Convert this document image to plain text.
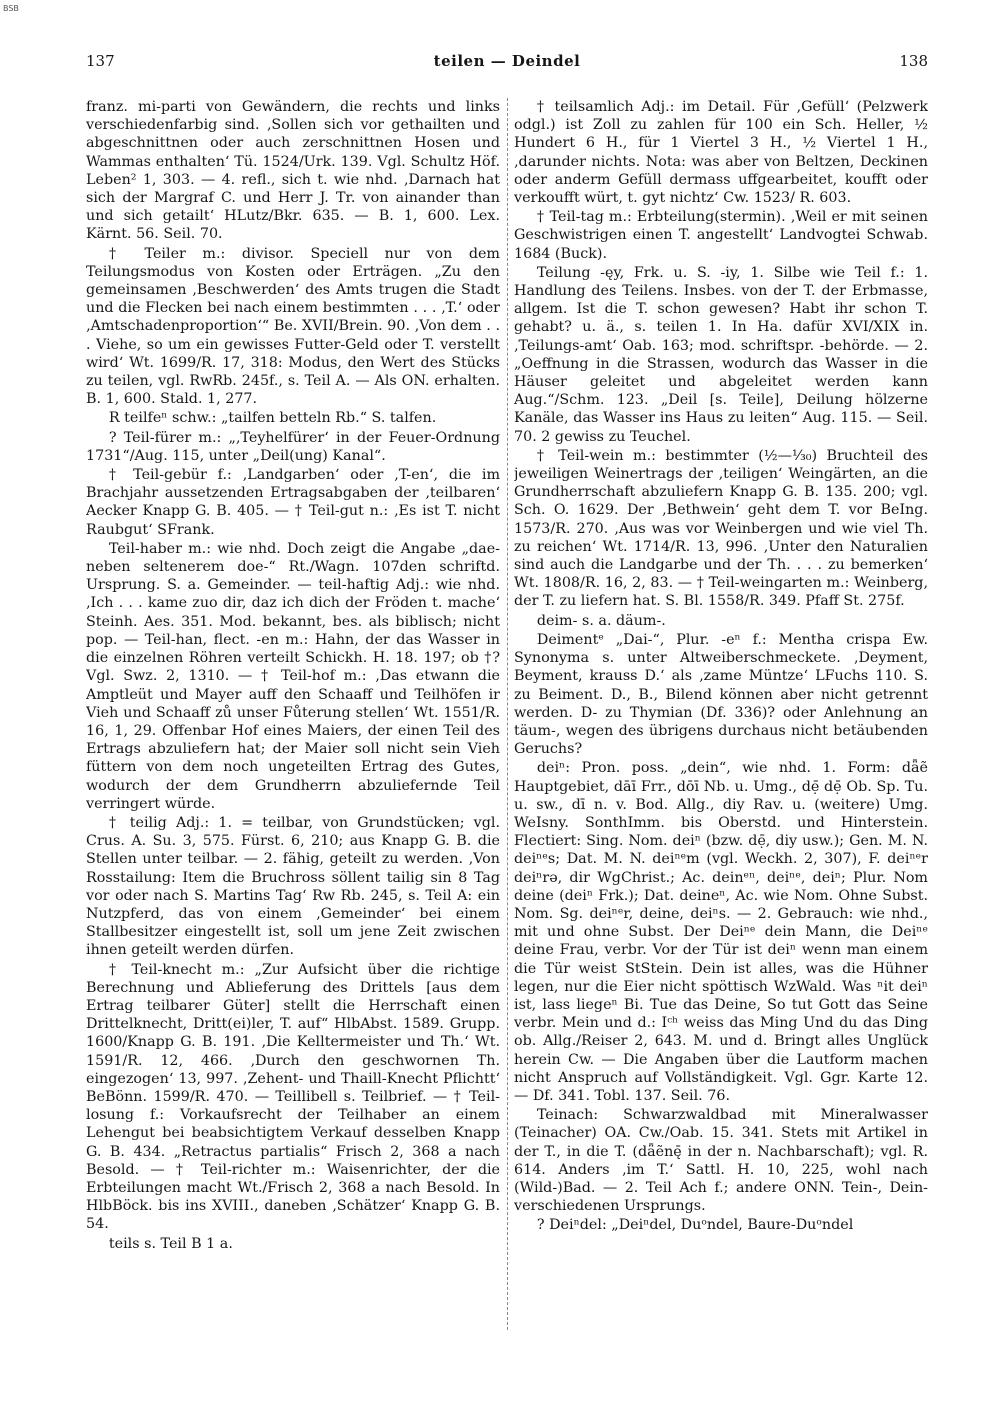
BSB
137	teilen — Deindel	138

franz. mi-parti von Gewändern, die rechts und links verschiedenfarbig sind. ‚Sollen sich vor gethailten und abgeschnittnen oder auch zerschnittnen Hosen und Wammas enthalten‘ Tü. 1524/Urk. 139. Vgl. Schultz Höf. Leben² 1, 303. — 4. refl., sich t. wie nhd. ‚Darnach hat sich der Margraf C. und Herr J. Tr. von ainander than und sich getailt‘ HLutz/Bkr. 635. — B. 1, 600. Lex. Kärnt. 56. Seil. 70.

† Teiler m.: divisor. Speciell nur von dem Teilungsmodus von Kosten oder Erträgen. „Zu den gemeinsamen ‚Beschwerden‘ des Amts trugen die Stadt und die Flecken bei nach einem bestimmten . . . ‚T.‘ oder ‚Amtschadenproportion‘“ Be. XVII/Brein. 90. ‚Von dem . . . Viehe, so um ein gewisses Futter-Geld oder T. verstellt wird‘ Wt. 1699/R. 17, 318: Modus, den Wert des Stücks zu teilen, vgl. RwRb. 245f., s. Teil A. — Als ON. erhalten. B. 1, 600. Stald. 1, 277.

R teilfeⁿ schw.: „tailfen betteln Rb.“ S. talfen.

? Teil-fürer m.: „‚Teyhelfürer‘ in der Feuer-Ordnung 1731“/Aug. 115, unter „Deil(ung) Kanal“.

† Teil-gebür f.: ‚Landgarben‘ oder ‚T-en‘, die im Brachjahr aussetzenden Ertragsabgaben der ‚teilbaren‘ Aecker Knapp G. B. 405. — † Teil-gut n.: ‚Es ist T. nicht Raubgut‘ SFrank.

Teil-haber m.: wie nhd. Doch zeigt die Angabe „dae- neben seltenerem doe-“ Rt./Wagn. 107den schriftd. Ursprung. S. a. Gemeinder. — teil-haftig Adj.: wie nhd. ‚Ich . . . kame zuo dir, daz ich dich der Fröden t. mache‘ Steinh. Aes. 351. Mod. bekannt, bes. als biblisch; nicht pop. — Teil-han, flect. -en m.: Hahn, der das Wasser in die einzelnen Röhren verteilt Schickh. H. 18. 197; ob †? Vgl. Swz. 2, 1310. — † Teil-hof m.: ‚Das etwann die Amptleüt und Mayer auff den Schaaff und Teilhöfen ir Vieh und Schaaff zů unser Fůterung stellen‘ Wt. 1551/R. 16, 1, 29. Offenbar Hof eines Maiers, der einen Teil des Ertrags abzuliefern hat; der Maier soll nicht sein Vieh füttern von dem noch ungeteilten Ertrag des Gutes, wodurch der dem Grundherrn abzuliefernde Teil verringert würde.

† teilig Adj.: 1. = teilbar, von Grundstücken; vgl. Crus. A. Su. 3, 575. Fürst. 6, 210; aus Knapp G. B. die Stellen unter teilbar. — 2. fähig, geteilt zu werden. ‚Von Rosstailung: Item die Bruchross söllent tailig sin 8 Tag vor oder nach S. Martins Tag‘ Rw Rb. 245, s. Teil A: ein Nutzpferd, das von einem ‚Gemeinder‘ bei einem Stallbesitzer eingestellt ist, soll um jene Zeit zwischen ihnen geteilt werden dürfen.

† Teil-knecht m.: „Zur Aufsicht über die richtige Berechnung und Ablieferung des Drittels [aus dem Ertrag teilbarer Güter] stellt die Herrschaft einen Drittelknecht, Dritt(ei)ler, T. auf“ HlbAbst. 1589. Grupp. 1600/Knapp G. B. 191. ‚Die Kelltermeister und Th.‘ Wt. 1591/R. 12, 466. ‚Durch den geschwornen Th. eingezogen‘ 13, 997. ‚Zehent- und Thaill-Knecht Pflichtt‘ BeBönn. 1599/R. 470. — Teillibell s. Teilbrief. — † Teil-losung f.: Vorkaufsrecht der Teilhaber an einem Lehengut bei beabsichtigtem Verkauf desselben Knapp G. B. 434. „Retractus partialis“ Frisch 2, 368 a nach Besold. — † Teil-richter m.: Waisenrichter, der die Erbteilungen macht Wt./Frisch 2, 368 a nach Besold. In HlbBöck. bis ins XVIII., daneben ‚Schätzer‘ Knapp G. B. 54.

teils s. Teil B 1 a.

† teilsamlich Adj.: im Detail. Für ‚Gefüll‘ (Pelzwerk odgl.) ist Zoll zu zahlen für 100 ein Sch. Heller, ½ Hundert 6 H., für 1 Viertel 3 H., ½ Viertel 1 H., ‚darunder nichts. Nota: was aber von Beltzen, Deckinen oder anderm Gefüll dermass uffgearbeitet, koufft oder verkoufft würt, t. gyt nichtz‘ Cw. 1523/ R. 603.

† Teil-tag m.: Erbteilung(stermin). ‚Weil er mit seinen Geschwistrigen einen T. angestellt‘ Landvogtei Schwab. 1684 (Buck).

Teilung -ęy, Frk. u. S. -iy, 1. Silbe wie Teil f.: 1. Handlung des Teilens. Insbes. von der T. der Erbmasse, allgem. Ist die T. schon gewesen? Habt ihr schon T. gehabt? u. ä., s. teilen 1. In Ha. dafür XVI/XIX in. ‚Teilungs-amt‘ Oab. 163; mod. schriftspr. -behörde. — 2. „Oeffnung in die Strassen, wodurch das Wasser in die Häuser geleitet und abgeleitet werden kann Aug.“/Schm. 123. „Deil [s. Teile], Deilung hölzerne Kanäle, das Wasser ins Haus zu leiten“ Aug. 115. — Seil. 70. 2 gewiss zu Teuchel.

† Teil-wein m.: bestimmter (½—¹⁄₃₀) Bruchteil des jeweiligen Weinertrags der ‚teiligen‘ Weingärten, an die Grundherrschaft abzuliefern Knapp G. B. 135. 200; vgl. Sch. O. 1629. Der ‚Bethwein‘ geht dem T. vor BeIng. 1573/R. 270. ‚Aus was vor Weinbergen und wie viel Th. zu reichen‘ Wt. 1714/R. 13, 996. ‚Unter den Naturalien sind auch die Landgarbe und der Th. . . . zu bemerken‘ Wt. 1808/R. 16, 2, 83. — † Teil-weingarten m.: Weinberg, der T. zu liefern hat. S. Bl. 1558/R. 349. Pfaff St. 275f.

deim- s. a. däum-.

Deimentᵉ „Dai-“, Plur. -eⁿ f.: Mentha crispa Ew. Synonyma s. unter Altweiberschmeckete. ‚Deyment, Beyment, krauss D.‘ als ‚zame Müntze‘ LFuchs 110. S. zu Beiment. D., B., Bilend können aber nicht getrennt werden. D- zu Thymian (Df. 336)? oder Anlehnung an täum-, wegen des übrigens durchaus nicht betäubenden Geruchs?

deiⁿ: Pron. poss. „dein“, wie nhd. 1. Form: dǟẽ Hauptgebiet, dāī Frr., dōī Nb. u. Umg., dẹ̄ dẹ̄ Ob. Sp. Tu. u. sw., dī n. v. Bod. Allg., diy Rav. u. (weitere) Umg. WeIsny. SonthImm. bis Oberstd. und Hinterstein. Flectiert: Sing. Nom. deiⁿ (bzw. dẹ̄, diy usw.); Gen. M. N. deiⁿᵉs; Dat. M. N. deiⁿᵉm (vgl. Weckh. 2, 307), F. deiⁿᵉr deiⁿrə, dir WgChrist.; Ac. deinᵉⁿ, deiⁿᵉ, deiⁿ; Plur. Nom deine (deiⁿ Frk.); Dat. deineⁿ, Ac. wie Nom. Ohne Subst. Nom. Sg. deiⁿᵉr, deine, deiⁿs. — 2. Gebrauch: wie nhd., mit und ohne Subst. Der Deiⁿᵉ dein Mann, die Deiⁿᵉ deine Frau, verbr. Vor der Tür ist deiⁿ wenn man einem die Tür weist StStein. Dein ist alles, was die Hühner legen, nur die Eier nicht spöttisch WzWald. Was ⁿit deiⁿ ist, lass liegeⁿ Bi. Tue das Deine, So tut Gott das Seine verbr. Mein und d.: Iᶜʰ weiss das Ming Und du das Ding ob. Allg./Reiser 2, 643. M. und d. Bringt alles Unglück herein Cw. — Die Angaben über die Lautform machen nicht Anspruch auf Vollständigkeit. Vgl. Ggr. Karte 12. — Df. 341. Tobl. 137. Seil. 76.

Teinach: Schwarzwaldbad mit Mineralwasser (Teinacher) OA. Cw./Oab. 15. 341. Stets mit Artikel in der T., in die T. (dǟẽnę̄ in der n. Nachbarschaft); vgl. R. 614. Anders ‚im T.‘ Sattl. H. 10, 225, wohl nach (Wild-)Bad. — 2. Teil Ach f.; andere ONN. Tein-, Dein- verschiedenen Ursprungs.

? Deiⁿdel: „Deiⁿdel, Duᵒndel, Baure-Duᵒndel
